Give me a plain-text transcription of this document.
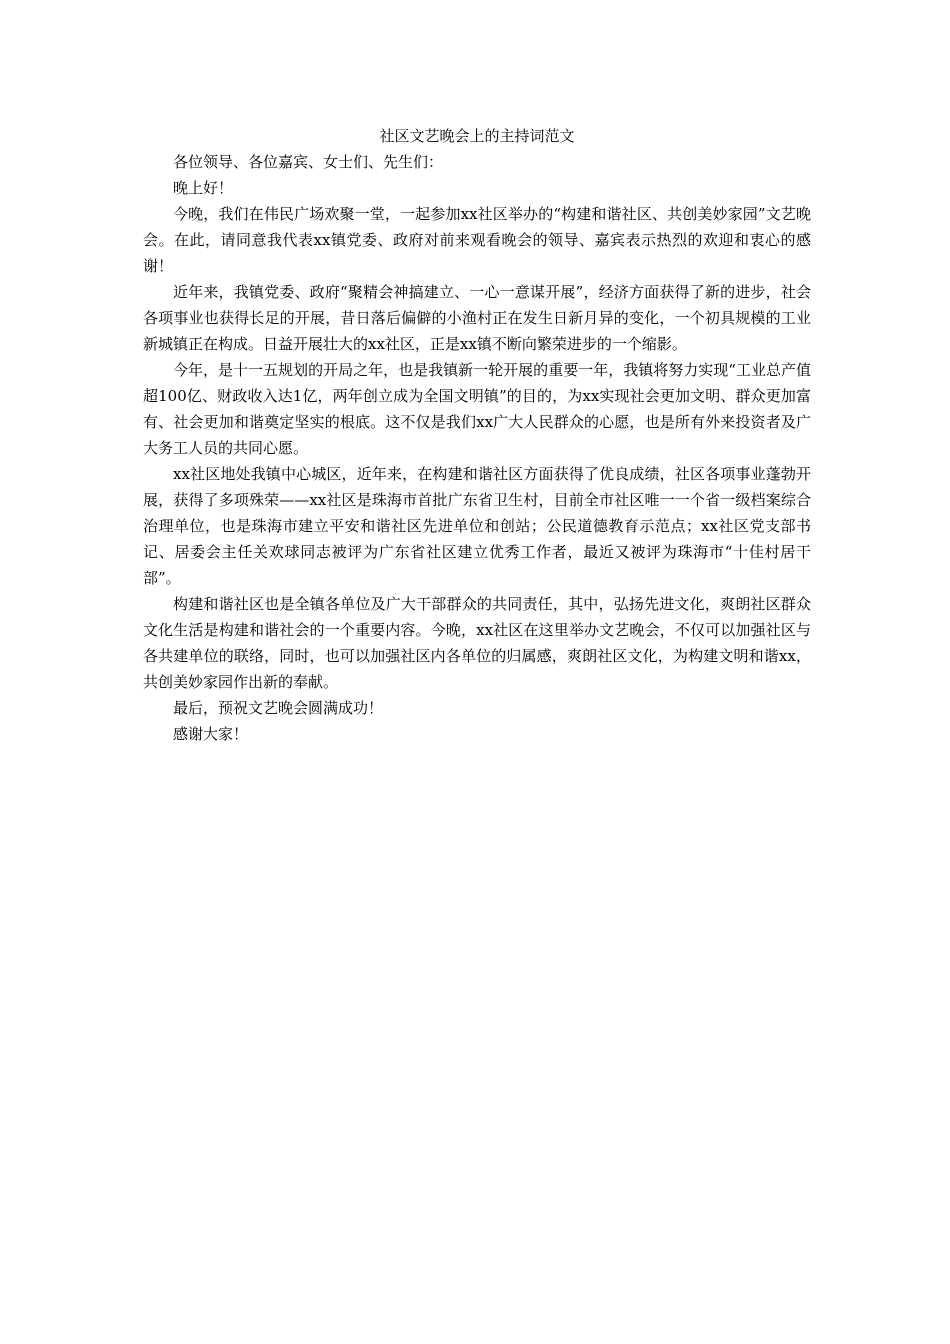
社区文艺晚会上的主持词范文

各位领导、各位嘉宾、女士们、先生们：

晚上好！

今晚，我们在伟民广场欢聚一堂，一起参加xx社区举办的“构建和谐社区、共创美妙家园”文艺晚会。在此，请同意我代表xx镇党委、政府对前来观看晚会的领导、嘉宾表示热烈的欢迎和衷心的感谢！

近年来，我镇党委、政府“聚精会神搞建立、一心一意谋开展”，经济方面获得了新的进步，社会各项事业也获得长足的开展，昔日落后偏僻的小渔村正在发生日新月异的变化，一个初具规模的工业新城镇正在构成。日益开展壮大的xx社区，正是xx镇不断向繁荣进步的一个缩影。

今年，是十一五规划的开局之年，也是我镇新一轮开展的重要一年，我镇将努力实现“工业总产值超100亿、财政收入达1亿，两年创立成为全国文明镇”的目的，为xx实现社会更加文明、群众更加富有、社会更加和谐奠定坚实的根底。这不仅是我们xx广大人民群众的心愿，也是所有外来投资者及广大务工人员的共同心愿。

xx社区地处我镇中心城区，近年来，在构建和谐社区方面获得了优良成绩，社区各项事业蓬勃开展，获得了多项殊荣——xx社区是珠海市首批广东省卫生村，目前全市社区唯一一个省一级档案综合治理单位，也是珠海市建立平安和谐社区先进单位和创站；公民道德教育示范点；xx社区党支部书记、居委会主任关欢球同志被评为广东省社区建立优秀工作者，最近又被评为珠海市“十佳村居干部”。

构建和谐社区也是全镇各单位及广大干部群众的共同责任，其中，弘扬先进文化，爽朗社区群众文化生活是构建和谐社会的一个重要内容。今晚，xx社区在这里举办文艺晚会，不仅可以加强社区与各共建单位的联络，同时，也可以加强社区内各单位的归属感，爽朗社区文化，为构建文明和谐xx，共创美妙家园作出新的奉献。

最后，预祝文艺晚会圆满成功！

感谢大家！
